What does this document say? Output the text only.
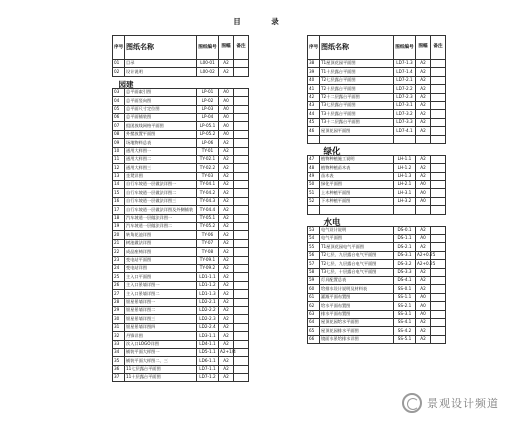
目 录
序号	图纸名称	图纸编号	图幅	备注
01	目录	L00-01	A2	
02	设计说明	L00-02	A2	
园建				
03	总平面索引图	LP-01	A0	
04	总平面竖向图	LP-02	A0	
05	总平面尺寸定位图	LP-03	A0	
06	总平面铺装图	LP-04	A0	
07	组团放线网格平面图	LP-05.1	A0	
08	外摆放置平面图	LP-05.2	A0	
09	场地物料总表	LP-06	A2	
10	通用大样图一	TY-01	A2	
11	通用大样图二	TY-02.1	A2	
12	通用大样图三	TY-02.2	A2	
13	坐凳详图	TY-03	A2	
14	自行车坡道一层做法详图一	TY-04.1	A2	
15	自行车坡道一层做法详图二	TY-04.2	A2	
16	自行车坡道一层做法详图三	TY-04.3	A2	
17	自行车坡道一层做法详图及外侧铺装	TY-04.4	A2	
18	汽车坡道一层做法详图一	TY-05.1	A2	
19	汽车坡道一层做法详图二	TY-05.2	A2	
20	转角花池详图	TY-06	A2	
21	树池做法详图	TY-07	A2	
22	成品座椅详图	TY-08	A2	
23	变电站平面图	TY-09.1	A2	
24	变电站详图	TY-09.2	A2	
25	主入口平面图	LD1-1.1	A2	
26	主入口景墙详图一	LD1-1.2	A2	
27	主入口景墙详图二	LD1-1.3	A2	
28	银星景墙详图一	LD2-2.1	A2	
29	银星景墙详图二	LD2-2.2	A2	
30	银星景墙详图三	LD2-2.3	A2	
31	银星景墙详图四	LD2-2.4	A2	
32	丹锋详图	LD3-1.1	A2	
33	次入口LOGO详图	LD4-1.1	A2	
34	铺装平面大样图一	LD5-1.1	A2+1/4	
35	铺装平面大样图二、三	LD6-1.1	A2	
36	11七层露台平面图	LD7-1.1	A2	
37	11十层露台平面图	LD7-1.2	A2	
序号	图纸名称	图纸编号	图幅	备注
38	T1屋顶花园平面图	LD7-1.3	A2	
39	T1十层露台平面图	LD7-1.4	A2	
40	T2七层露台平面图	LD7-2.1	A2	
41	T2十层露台平面图	LD7-2.2	A2	
42	T2十二层露台平面图	LD7-2.3	A2	
43	T3七层露台平面图	LD7-3.1	A2	
44	T3十层露台平面图	LD7-3.2	A2	
45	T3十二层露台平面图	LD7-3.3	A2	
46	屋顶花园平面图	LD7-4.1	A2	

绿化				
47	植物种植施工说明	LH-1.1	A2	
48	植物种植苗木表	LH-1.2	A2	
49	苗木表	LH-1.3	A2	
50	绿化平面图	LH-2.1	A0	
51	上木种植平面图	LH-3.1	A0	
52	下木种植平面图	LH-3.2	A0	

水电				
53	电气设计说明	DS-0.1	A2	
54	电气平面图	DS-1.1	A0	
55	T1屋顶花园电气平面图	DS-2.1	A2	
56	T2七层、九层露台电气平面图	DS-3.1	A2+0.25	
57	T2七层、九层露台电气平面图	DS-3.2	A2+0.25	
58	T3七层、十层露台电气平面图	DS-3.3	A2	
59	灯具配置总表	DS-4.1	A2	
60	给排水设计说明及材料表	SS-0.1	A2	
61	灌溉平面布置图	SS-1.1	A0	
62	给水平面布置图	SS-2.1	A0	
63	排水平面布置图	SS-3.1	A0	
64	屋顶花园给水平面图	SS-4.1	A2	
65	屋顶花园排水平面图	SS-4.2	A2	
66	镜面水景给排水详图	SS-5.1	A2	
景观设计频道
